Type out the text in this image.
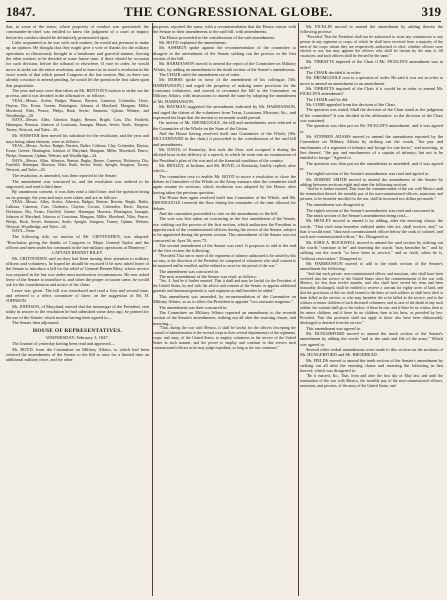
1847.	THE CONGRESSIONAL GLOBE.	319

that, in some of the states, where propriety of conduct was questioned, the commander-in-chief was entitled to know the judgment of a court of inquiry before his conduct should be definitively pronounced upon.

Little acquainted as he was with such matters, he would not presume to make up an opinion. He thought that they might give a vote of thanks for the military operations so illustriously brought in a handsome and graceful manner, leaving the other matters to be decided at some future time, if there should be occasion for such decision, before the tribunal or elsewhere. If vote in order, he would move to strike out the entire resolution, and to insert in its stead a resolution in the exact words of that which passed Congress at the last session. But, as there was already a motion to amend pending, he would let the question be first taken upon that proposition.

The yeas and nays were then taken on Mr. BENTON'S motion to strike out the proviso, and it was decided in the affirmative, as follows:

YEAS—Messrs. Archer, Badger, Benton, Berrien, Cameron, Crittenden, Davis, Dayton, Dix, Evans, Greene, Huntington, Johnson of Maryland, Mangum, Miller, Morehead, Niles, Pearce, Phelps, Rusk, Sevier, Simmons, Upham, Webster, and Woodbridge—28.

NAYS—Messrs. Allen, Atherton, Bagby, Benton, Bright, Cass, Dix, Fairfield, Hannegan, Houston, Johnson of Louisiana, Jarnagin, Mason, Sevier, Soule, Sturgeon, Turney, Westcott, and Yulee—20.

Mr. WEBSTER then moved his substitute for the resolution; and the yeas and nays being taken thereon, were as follows:

YEAS—Messrs. Archer, Badger, Berrien, Butler, Calhoun, Clay, Crittenden, Dayton, Evans, Greene, Huntington, Johnson of Maryland, Mangum, Miller, Morehead, Pearce, Phelps, Simmons, Upham, Webster, and Woodbridge—24.

NAYS—Messrs. Allen, Atherton, Benton, Bagby, Breese, Cameron, Dickinson, Dix, Fairfield, Hannegan, Houston, Niles, Rusk, Sevier, Soule, Speight, Sturgeon, Turney, Westcott, and Yulee—20.

The resolution, as amended, was then reported to the Senate.

The amendment was concurred in, and the resolution was ordered to be engrossed, and read a third time.

By unanimous consent, it was then read a third time; and the question being on its passage, the yeas and nays were taken, and are as follows:

YEAS—Messrs. Allen, Archer, Atherton, Badger, Benton, Berrien, Bright, Butler, Calhoun, Cameron, Cass, Chalmers, Clayton, Corwin, Crittenden, Davis, Dayton, Dickinson, Dix, Evans, Fairfield, Greene, Hannegan, Houston, Huntington, Jarnagin, Johnson of Maryland, Johnson of Louisiana, Mangum, Miller, Morehead, Niles, Pearce, Phelps, Rusk, Sevier, Simmons, Soule, Speight, Sturgeon, Turney, Upham, Webster, Westcott, Woodbridge, and Yulee—44.

NAYS—None.

The following title, on motion of Mr. CRITTENDEN, was adopted: "Resolution giving the thanks of Congress to Major General Taylor and the officers and men under his command in the late military operations at Monterey."

CAPTAIN BENNET RILEY.

Mr. CRITTENDEN said on they had been turning their attention to military officers and volunteers, he hoped he should be excused if he now asked leave of the Senate to introduce a bill for the relief of General Bennet Riley, whose service was required in the last war under most meritorious circumstances. He now asked leave of the Senate to introduce it, and when the proper occasion came, he would ask for the consideration and notice of his claim.

Leave was given. The bill was introduced and read a first and second time, and referred to a select committee of three, on the suggestion of Mr. H. JOHNSON.

Mr. JOHNSON, of Maryland, moved that the messenger of the President, sent today in answer to the resolution he had submitted some days ago, be printed for the use of the Senate; which motion having been agreed to—

The Senate then adjourned.

HOUSE OF REPRESENTATIVES.

WEDNESDAY, February 3, 1847.

The Journal of yesterday having been read and approved—

Mr. BOYD, from the Committee on Military Affairs, to which had been referred the amendments of the Senate to the bill to raise for a limited time an additional military force, and for other

purposes, reported the same, with a recommendation that the House concur with the Senate in their amendments to the said bill, with amendments.

The House proceeded to the consideration of the said amendments.

Mr. BOYD explained the amendments.

Mr. ASHMUN spoke against the recommendation of the committee to disagree to the amendment of the Senate striking out the proviso in the first section of the bill.

Mr. HARMANSON moved to amend the report of the Committee on Military Affairs, by adding an amendment to the ninth section of the Senate's amendments.

The CHAIR ruled the amendment out of order.

Mr. MORSE spoke in favor of the amendment of his colleague, [Mr. HARMANSON,] and urged the propriety of making some provision for the Louisiana volunteers, and moved to recommit the bill to the Committee on Military Affairs, with instructions to amend the same by adopting the amendment of Mr. HARMANSON.

Mr. BAYMAN suggested the amendment indicated by Mr. HARMANSON, and urged the claims of the volunteers from Texas, Louisiana, Missouri, &c., and expressed his hope that the motion to recommit would prevail.

On motion of Mr. DROMGOOLE, the bill and amendments were referred to the Committee of the Whole on the State of the Union.

And the House having resolved itself into Committee of the Whole, (Mr. MCCLERNAND in the chair,) it proceeded to the consideration of the said bill and amendments.

Mr. DAVIS, of Kentucky, first took the floor, and occupied it during the allotted hour in the delivery of a speech, in which he went into an examination of the President's plan of the war and of the financial condition of the country.

Mr. HENLEY, of Indiana, and Mr. BOYD, of Kentucky, briefly replied; after which—

The committee rose to enable Mr. BOYD to move a resolution to close the debate in Committee of the Whole on the Army measure after the committee shall again resume its sessions; which resolution was adopted by the House, after having taken the previous question.

The House then again resolved itself into Committee of the Whole, and Mr. DROMGOOLE renewed the floor during the remainder of the time allowed for debate.

And the committee proceeded to vote on the amendments to the bill.

The vote was first taken on concurring in the first amendment of the Senate, viz: striking out the proviso of the first section, which authorizes the President to appoint each of the commissioned officers during the recess of the Senate, subject to be appointed during the present session. This amendment of the Senate was not concurred in: Ayes 56, noes 75.

The second amendment of the Senate was read. It proposes to add at the end of the first section the following:

"Provided, That one or more of the regiments of infantry authorized to be raised by this act may, at the discretion of the President, be composed of volunteers who shall consent to be mustered and be enrolled, and be enlisted to serve for the period of the war."

The amendment was concurred in.

The next amendment of the Senate was read, as follows:

"Sec. 4. And be it further enacted, That it shall and may be lawful for the President of the United States, by and with the advice and consent of the Senate, to appoint additional generals and lieutenant-generals to such regiment as shall hereafter be added."

This amendment was amended, by recommendation of the Committee on Military Affairs, so as to allow the President to appoint "two assistant surgeons."

The amendment was then concurred in.

The Committee on Military Affairs reported an amendment to the seventh section of the Senate's amendments, striking out all after the enacting clause, and inserting—

"That, during the war with Mexico, it shall be lawful for the officers (excepting the council of administration to the several corps in their several departments) of the regiments, corps, and army, of the United States, to employ volunteers in the service of the United States in such manner, and the power to employ and continue in that service such commissioned officers as he may judge expedient, so long as the war continues."

Mr. FICKLIN moved to amend the amendment by adding thereto the following proviso:

"Provided, That the President shall not be authorized to issue any commission to any person in any regiment or corps, of which he shall have received from a majority of the men of the corps whom they are respectively authorized to elect, whether officers were elected or not, but may appoint the officers who shall be chosen by the men to fill vacancies; and such officers shall be elected by the same."

Mr. TIBBATTS inquired of the Chair if Mr. FICKLIN'S amendment was in order?

The CHAIR decided it in order.

Mr. DROMGOOLE rose to a question of order. He said it was not in order to move to amend an amendment to an amendment.

Mr. TIBBATTS inquired of the Chair if it would be in order to amend Mr. FICKLIN'S amendment?

The CHAIR said he did.

Mr. COBB appealed from the decision of the Chair.

The question was stated, Shall the decision of the Chair stand as the judgment of the committee? It was decided in the affirmative: so the decision of the Chair was sustained.

The question was then put on Mr. FICKLIN'S amendment, and it was agreed to.

Mr. STEPHEN ADAMS moved to amend the amendment reported by the Committee on Military Affairs by striking out the words, "the pay and emoluments of a regiment of infantry and forage for one horse," and inserting, in lieu thereof, "the pay and emoluments of a captain of infantry; but not to be entitled to forage:" Agreed to.

The question was then put on the amendment as amended; and it was agreed to.

The eighth section of the Senate's amendments was read and agreed to.

Mr. ROBERT SMITH moved to amend the amendment of the Senate by adding between sections eight and nine the following section:

"And be it further enacted, That from the commencement of the war with Mexico until the termination thereof, the monthly pay of the non-commissioned officers, musicians, and privates, to be hereafter enrolled for the war, shall be increased two dollars per month."

The amendment was disagreed to.

The eighth section of the Senate's amendments was read and concurred in.

The ninth section of the Senate's amendments being read—

Mr. HENLEY moved to amend it by adding, after the enacting clause, the words, "That each man hereafter enlisted under this act, shall receive, and," so that it would read, "that each commissioned officer below the rank of colonel, and each non-commissioned officer," &c. Disagreed to.

Mr. JOHN A. ROCKWELL moved to amend the said section by striking out the words "continue to be" and inserting the words "may hereafter be," and by striking out the words "or have been in service," and so forth, when he is, "without reservation." Disagreed to.

Mr. HARMANSON moved to add to the ninth section of the Senate's amendment the following:

"And that each private, non-commissioned officer, and musician, who shall have been received into the service of the United States since the commencement of the war with Mexico, for less than twelve months, and who shall have served his term and been honorably discharged, shall be entitled to receive a warrant for eighty acres of land, and that the provisions of this act shall extend to the heirs of such soldiers as shall have died or been killed in the service, or who may hereafter die or be killed in the service, and to the widows or minor children of such deceased volunteers; and in case of the death of any such soldier, the warrant shall go to his widow, if there be one; and if there be no widow, then to his minor children; and if there be no children, then to his heirs, as provided by law; Provided, That this provision shall not apply to those who have been dishonorably discharged or deserted from the service."

This amendment was agreed to.

Mr. HUNGERFORD moved to amend the ninth section of the Senate's amendment by adding the words "and to the rank and file of the army." Which was agreed to.

Several other verbal amendments were made to this section on the motions of Mr. HUNGERFORD and Mr. BRODHEAD.

Mr. FIELDS moved to amend the tenth section of the Senate's amendment by striking out all after the enacting clause and inserting the following in lieu thereof, which was disagreed to:

"Be it enacted, &c., That, from and after the first day of May last, and until the termination of the war with Mexico, the monthly pay of the non-commissioned officers, musicians, and privates, of the army of the United States, and
